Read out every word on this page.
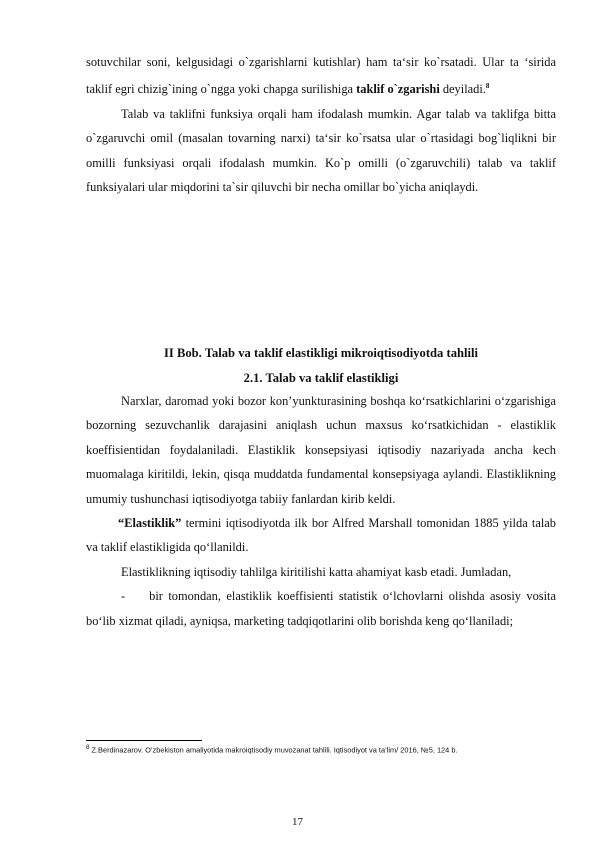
sotuvchilar soni, kelgusidagi o`zgarishlarni kutishlar) ham ta‘sir ko`rsatadi. Ular ta ‘sirida taklif egri chizig`ining o`ngga yoki chapga surilishiga taklif o`zgarishi deyiladi.$^8$

Talab va taklifni funksiya orqali ham ifodalash mumkin. Agar talab va taklifga bitta o`zgaruvchi omil (masalan tovarning narxi) ta‘sir ko`rsatsa ular o`rtasidagi bog`liqlikni bir omilli funksiyasi orqali ifodalash mumkin. Ko`p omilli (o`zgaruvchili) talab va taklif funksiyalari ular miqdorini ta`sir qiluvchi bir necha omillar bo`yicha aniqlaydi.

II Bob. Talab va taklif elastikligi mikroiqtisodiyotda tahlili
2.1. Talab va taklif elastikligi

Narxlar, daromad yoki bozor kon’yunkturasining boshqa ko‘rsatkichlarini o‘zgarishiga bozorning sezuvchanlik darajasini aniqlash uchun maxsus ko‘rsatkichidan - elastiklik koeffisientidan foydalaniladi. Elastiklik konsepsiyasi iqtisodiy nazariyada ancha kech muomalaga kiritildi, lekin, qisqa muddatda fundamental konsepsiyaga aylandi. Elastiklikning umumiy tushunchasi iqtisodiyotga tabiiy fanlardan kirib keldi.

“Elastiklik” termini iqtisodiyotda ilk bor Alfred Marshall tomonidan 1885 yilda talab va taklif elastikligida qo‘llanildi.

Elastiklikning iqtisodiy tahlilga kiritilishi katta ahamiyat kasb etadi. Jumladan,

- bir tomondan, elastiklik koeffisienti statistik o‘lchovlarni olishda asosiy vosita bo‘lib xizmat qiladi, ayniqsa, marketing tadqiqotlarini olib borishda keng qo‘llaniladi;

$^8$ Z.Berdinazarov. O’zbekiston amaliyotida makroiqtisodiy muvozanat tahlili. Iqtisodiyot va ta’lim/ 2016, №5, 124 b.
17
